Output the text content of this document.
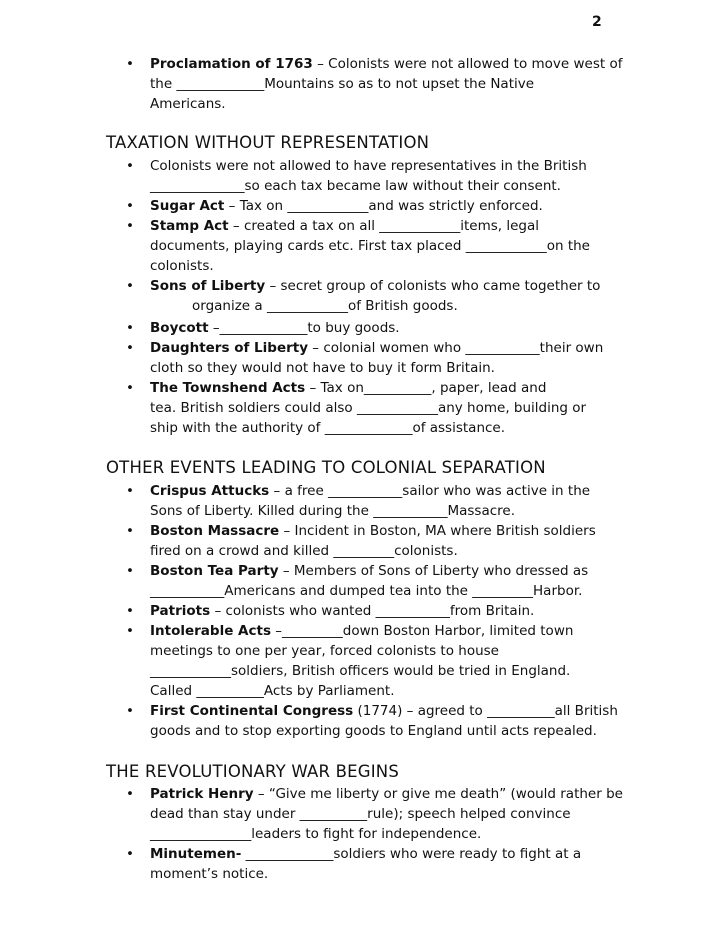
2
• Proclamation of 1763 – Colonists were not allowed to move west of
the _____________Mountains so as to not upset the Native
Americans.
TAXATION WITHOUT REPRESENTATION
• Colonists were not allowed to have representatives in the British
______________so each tax became law without their consent.
• Sugar Act – Tax on ____________and was strictly enforced.
• Stamp Act – created a tax on all ____________items, legal
documents, playing cards etc. First tax placed ____________on the
colonists.
• Sons of Liberty – secret group of colonists who came together to
organize a ____________of British goods.
• Boycott –_____________to buy goods.
• Daughters of Liberty – colonial women who ___________their own
cloth so they would not have to buy it form Britain.
• The Townshend Acts – Tax on__________, paper, lead and
tea. British soldiers could also ____________any home, building or
ship with the authority of _____________of assistance.
OTHER EVENTS LEADING TO COLONIAL SEPARATION
• Crispus Attucks – a free ___________sailor who was active in the
Sons of Liberty. Killed during the ___________Massacre.
• Boston Massacre – Incident in Boston, MA where British soldiers
fired on a crowd and killed _________colonists.
• Boston Tea Party – Members of Sons of Liberty who dressed as
___________Americans and dumped tea into the _________Harbor.
• Patriots – colonists who wanted ___________from Britain.
• Intolerable Acts –_________down Boston Harbor, limited town
meetings to one per year, forced colonists to house
____________soldiers, British officers would be tried in England.
Called __________Acts by Parliament.
• First Continental Congress (1774) – agreed to __________all British
goods and to stop exporting goods to England until acts repealed.
THE REVOLUTIONARY WAR BEGINS
• Patrick Henry – “Give me liberty or give me death” (would rather be
dead than stay under __________rule); speech helped convince
_______________leaders to fight for independence.
• Minutemen- _____________soldiers who were ready to fight at a
moment’s notice.
